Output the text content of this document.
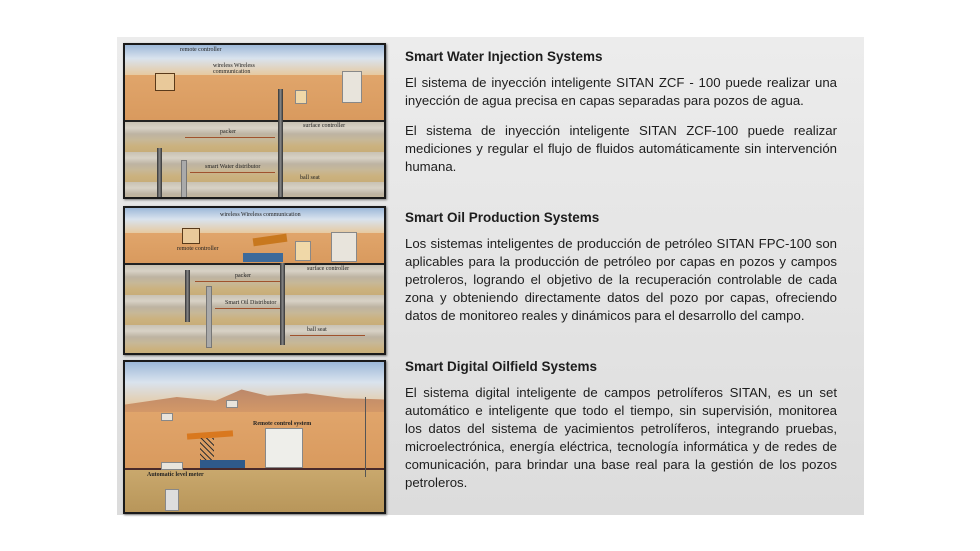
remote controller
wireless Wireless communication
surface controller
packer
smart Water distributor
ball seat
wireless Wireless communication
remote controller
surface controller
packer
Smart Oil Distributor
ball seat
Remote control system
Automatic level meter
Smart Water Injection Systems

El sistema de inyección inteligente SITAN ZCF - 100 puede realizar una inyección de agua precisa en capas separadas para pozos de agua.

El sistema de inyección inteligente SITAN ZCF-100 puede realizar mediciones y regular el flujo de fluidos automáticamente sin intervención humana.

Smart Oil Production Systems

Los sistemas inteligentes de producción de petróleo SITAN FPC-100 son aplicables para la producción de petróleo por capas en pozos y campos petroleros, logrando el objetivo de la recuperación controlable de cada zona y obteniendo directamente datos del pozo por capas, ofreciendo datos de monitoreo reales y dinámicos para el desarrollo del campo.

Smart Digital Oilfield Systems

El sistema digital inteligente de campos petrolíferos SITAN, es un set automático e inteligente que todo el tiempo, sin supervisión, monitorea los datos del sistema de yacimientos petrolíferos, integrando pruebas, microelectrónica, energía eléctrica, tecnología informática y de redes de comunicación, para brindar una base real para la gestión de los pozos petroleros.
